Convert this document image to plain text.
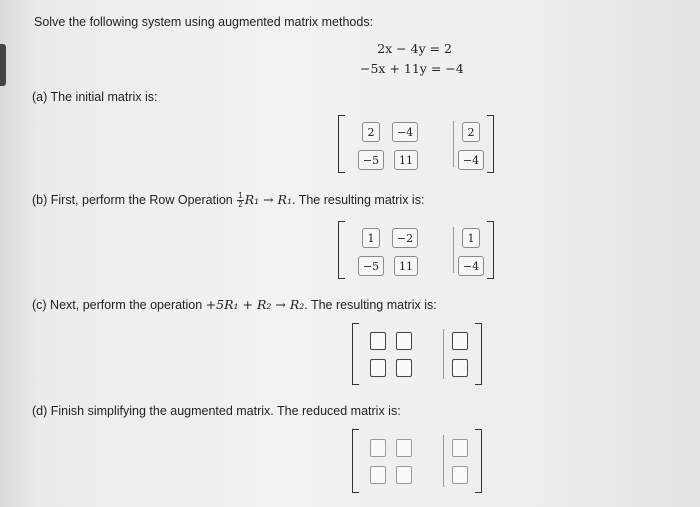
Solve the following system using augmented matrix methods:
2x − 4y = 2
−5x + 11y = −4
(a) The initial matrix is:
2	−4	2
−5	11	−4
(b) First, perform the Row Operation $\frac{1}{2} R_1 \to R_1$. The resulting matrix is:
1	−2	1
−5	11	−4
(c) Next, perform the operation +5R₁ + R₂ → R₂. The resulting matrix is:
(d) Finish simplifying the augmented matrix. The reduced matrix is:
